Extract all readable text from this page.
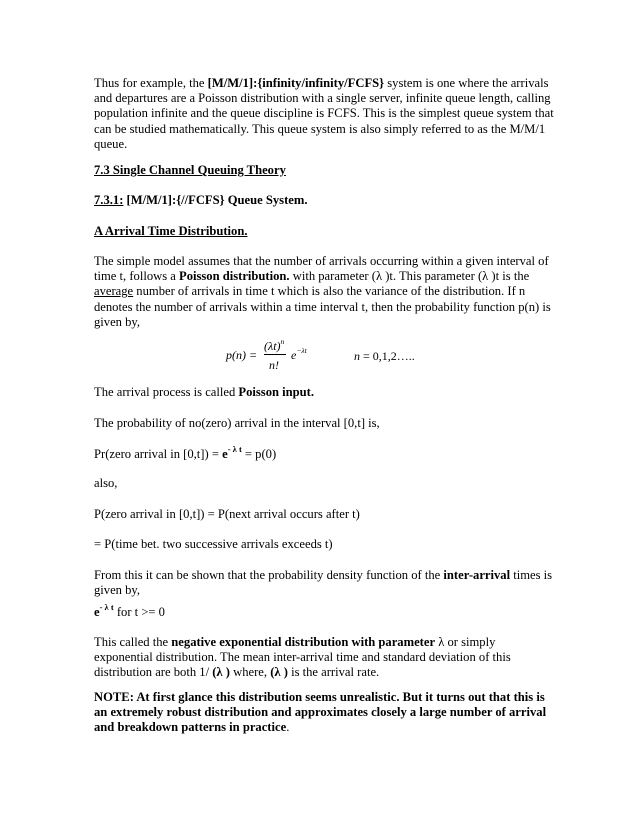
Thus for example, the [M/M/1]:{infinity/infinity/FCFS} system is one where the arrivals and departures are a Poisson distribution with a single server, infinite queue length, calling population infinite and the queue discipline is FCFS. This is the simplest queue system that can be studied mathematically. This queue system is also simply referred to as the M/M/1 queue.

7.3 Single Channel Queuing Theory

7.3.1: [M/M/1]:{//FCFS} Queue System.

A Arrival Time Distribution.

The simple model assumes that the number of arrivals occurring within a given interval of time t, follows a Poisson distribution. with parameter (λ )t. This parameter (λ )t is the average number of arrivals in time t which is also the variance of the distribution. If n denotes the number of arrivals within a time interval t, then the probability function p(n) is given by,

p(n) =
$(\lambda t)^n$
n!
$e^{-\lambda t}$	n = 0,1,2…..

The arrival process is called Poisson input.

The probability of no(zero) arrival in the interval [0,t] is,

Pr(zero arrival in $[0,t]) = e^{- \lambda t} = p(0)$

also,

P(zero arrival in [0,t]) = P(next arrival occurs after t)

= P(time bet. two successive arrivals exceeds t)

From this it can be shown that the probability density function of the inter-arrival times is given by,

$e^{- \lambda t}$ for t >= 0

This called the negative exponential distribution with parameter λ or simply exponential distribution. The mean inter-arrival time and standard deviation of this distribution are both 1/ (λ ) where, (λ ) is the arrival rate.

NOTE: At first glance this distribution seems unrealistic. But it turns out that this is an extremely robust distribution and approximates closely a large number of arrival and breakdown patterns in practice.
